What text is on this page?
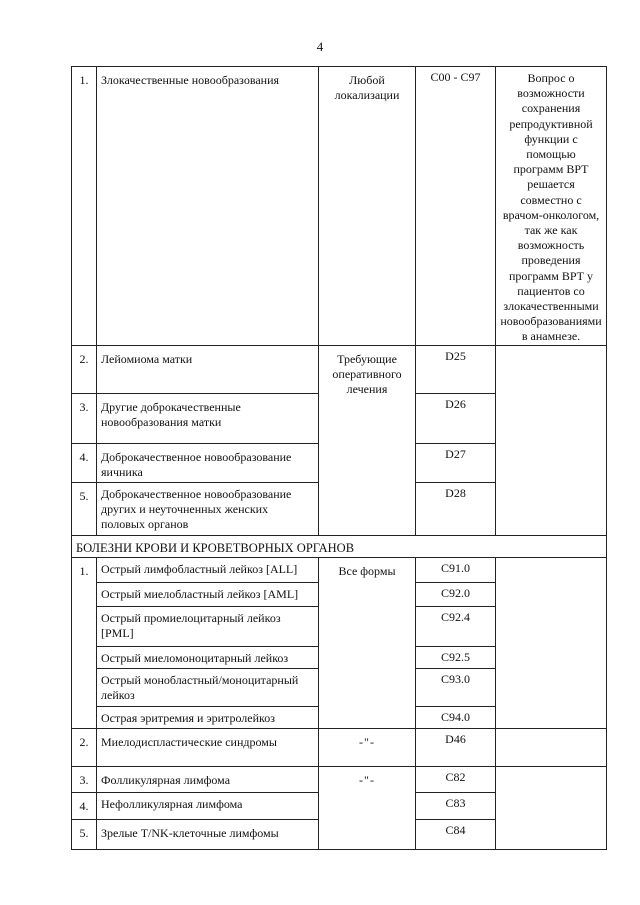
4
1.	Злокачественные новообразования	Любой локализации	C00 - C97	Вопрос о возможности сохранения репродуктивной функции с помощью программ ВРТ решается совместно с врачом-онкологом, так же как возможность проведения программ ВРТ у пациентов со злокачественными новообразованиями в анамнезе.
2.	Лейомиома матки	Требующие оперативного лечения	D25	
3.	Другие доброкачественные новообразования матки		D26	
4.	Доброкачественное новообразование яичника		D27	
5.	Доброкачественное новообразование других и неуточненных женских половых органов		D28	
БОЛЕЗНИ КРОВИ И КРОВЕТВОРНЫХ ОРГАНОВ				
1.	Острый лимфобластный лейкоз [ALL]	Все формы	C91.0	
	Острый миелобластный лейкоз [AML]		C92.0	
	Острый промиелоцитарный лейкоз [PML]		C92.4	
	Острый миеломоноцитарный лейкоз		C92.5	
	Острый монобластный/моноцитарный лейкоз		C93.0	
	Острая эритремия и эритролейкоз		C94.0	
2.	Миелодиспластические синдромы	-"-	D46	
3.	Фолликулярная лимфома	-"-	C82	
4.	Нефолликулярная лимфома		C83	
5.	Зрелые T/NK-клеточные лимфомы		C84	
